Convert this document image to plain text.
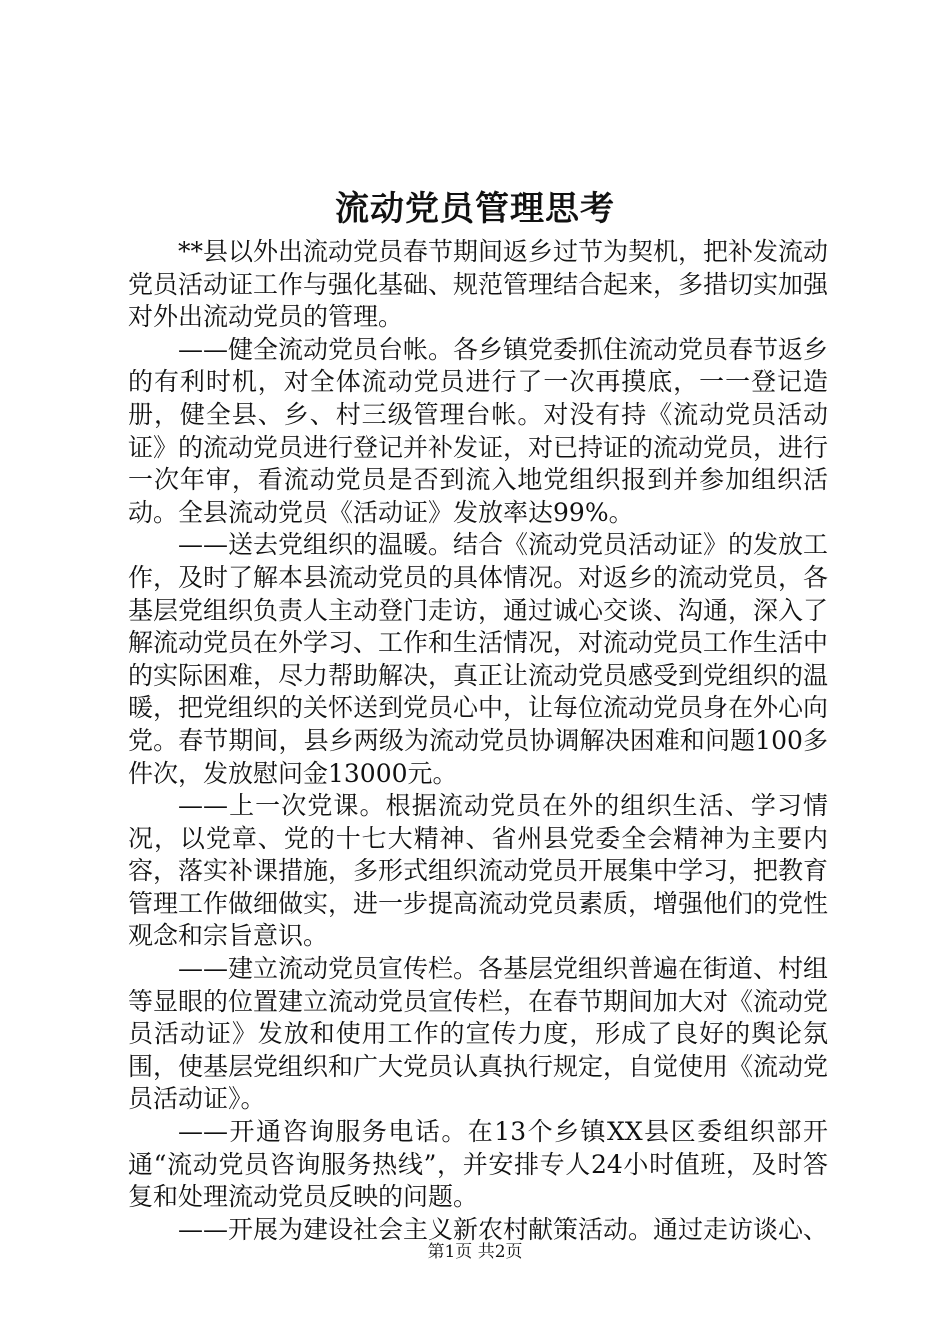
流动党员管理思考

**县以外出流动党员春节期间返乡过节为契机，把补发流动党员活动证工作与强化基础、规范管理结合起来，多措切实加强对外出流动党员的管理。

——健全流动党员台帐。各乡镇党委抓住流动党员春节返乡的有利时机，对全体流动党员进行了一次再摸底，一一登记造册，健全县、乡、村三级管理台帐。对没有持《流动党员活动证》的流动党员进行登记并补发证，对已持证的流动党员，进行一次年审，看流动党员是否到流入地党组织报到并参加组织活动。全县流动党员《活动证》发放率达99%。

——送去党组织的温暖。结合《流动党员活动证》的发放工作，及时了解本县流动党员的具体情况。对返乡的流动党员，各基层党组织负责人主动登门走访，通过诚心交谈、沟通，深入了解流动党员在外学习、工作和生活情况，对流动党员工作生活中的实际困难，尽力帮助解决，真正让流动党员感受到党组织的温暖，把党组织的关怀送到党员心中，让每位流动党员身在外心向党。春节期间，县乡两级为流动党员协调解决困难和问题100多件次，发放慰问金13000元。

——上一次党课。根据流动党员在外的组织生活、学习情况，以党章、党的十七大精神、省州县党委全会精神为主要内容，落实补课措施，多形式组织流动党员开展集中学习，把教育管理工作做细做实，进一步提高流动党员素质，增强他们的党性观念和宗旨意识。

——建立流动党员宣传栏。各基层党组织普遍在街道、村组等显眼的位置建立流动党员宣传栏，在春节期间加大对《流动党员活动证》发放和使用工作的宣传力度，形成了良好的舆论氛围，使基层党组织和广大党员认真执行规定，自觉使用《流动党员活动证》。

——开通咨询服务电话。在13个乡镇XX县区委组织部开通“流动党员咨询服务热线”，并安排专人24小时值班，及时答复和处理流动党员反映的问题。

——开展为建设社会主义新农村献策活动。通过走访谈心、

第1页 共2页
